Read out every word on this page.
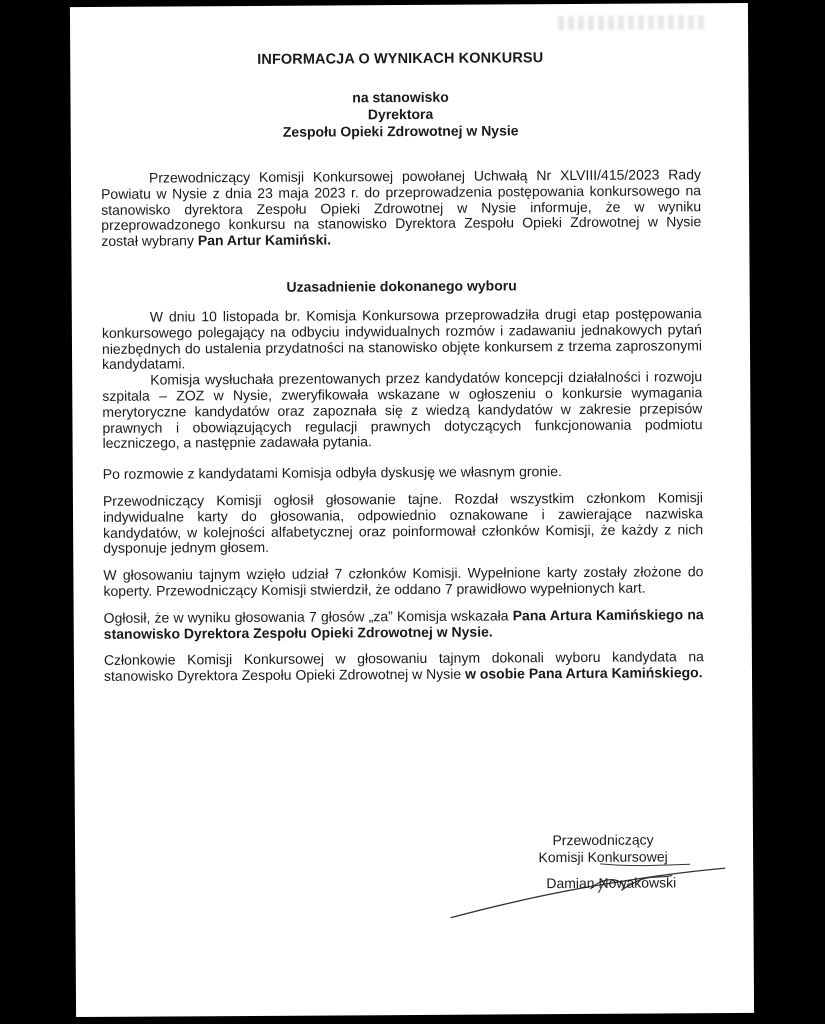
INFORMACJA O WYNIKACH KONKURSU
na stanowisko
Dyrektora
Zespołu Opieki Zdrowotnej w Nysie

Przewodniczący Komisji Konkursowej powołanej Uchwałą Nr XLVIII/415/2023 Rady Powiatu w Nysie z dnia 23 maja 2023 r. do przeprowadzenia postępowania konkursowego na stanowisko dyrektora Zespołu Opieki Zdrowotnej w Nysie informuje, że w wyniku przeprowadzonego konkursu na stanowisko Dyrektora Zespołu Opieki Zdrowotnej w Nysie został wybrany Pan Artur Kamiński.

Uzasadnienie dokonanego wyboru

W dniu 10 listopada br. Komisja Konkursowa przeprowadziła drugi etap postępowania konkursowego polegający na odbyciu indywidualnych rozmów i zadawaniu jednakowych pytań niezbędnych do ustalenia przydatności na stanowisko objęte konkursem z trzema zaproszonymi kandydatami.

Komisja wysłuchała prezentowanych przez kandydatów koncepcji działalności i rozwoju szpitala – ZOZ w Nysie, zweryfikowała wskazane w ogłoszeniu o konkursie wymagania merytoryczne kandydatów oraz zapoznała się z wiedzą kandydatów w zakresie przepisów prawnych i obowiązujących regulacji prawnych dotyczących funkcjonowania podmiotu leczniczego, a następnie zadawała pytania.

Po rozmowie z kandydatami Komisja odbyła dyskusję we własnym gronie.

Przewodniczący Komisji ogłosił głosowanie tajne. Rozdał wszystkim członkom Komisji indywidualne karty do głosowania, odpowiednio oznakowane i zawierające nazwiska kandydatów, w kolejności alfabetycznej oraz poinformował członków Komisji, że każdy z nich dysponuje jednym głosem.

W głosowaniu tajnym wzięło udział 7 członków Komisji. Wypełnione karty zostały złożone do koperty. Przewodniczący Komisji stwierdził, że oddano 7 prawidłowo wypełnionych kart.

Ogłosił, że w wyniku głosowania 7 głosów „za” Komisja wskazała Pana Artura Kamińskiego na stanowisko Dyrektora Zespołu Opieki Zdrowotnej w Nysie.

Członkowie Komisji Konkursowej w głosowaniu tajnym dokonali wyboru kandydata na stanowisko Dyrektora Zespołu Opieki Zdrowotnej w Nysie w osobie Pana Artura Kamińskiego.

Przewodniczący
Komisji Konkursowej
Damian Nowakowski
